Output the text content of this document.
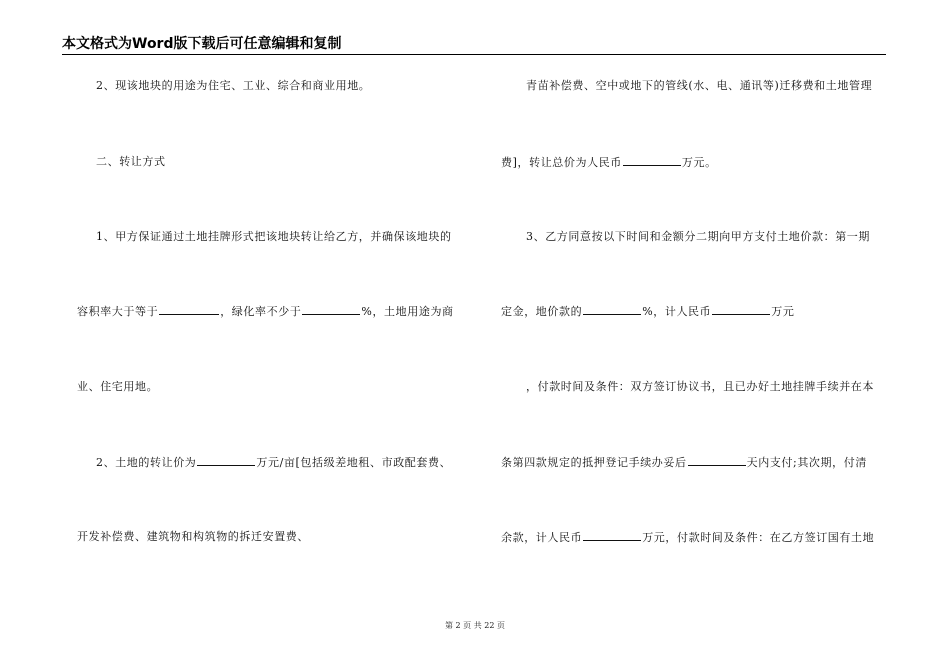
本文格式为Word版下载后可任意编辑和复制
2、现该地块的用途为住宅、工业、综合和商业用地。
二、转让方式
1、甲方保证通过土地挂牌形式把该地块转让给乙方，并确保该地块的
容积率大于等于	，绿化率不少于	%，土地用途为商
业、住宅用地。
2、土地的转让价为	万元/亩[包括级差地租、市政配套费、
开发补偿费、建筑物和构筑物的拆迁安置费、
青苗补偿费、空中或地下的管线(水、电、通讯等)迁移费和土地管理
费]，转让总价为人民币	万元。
3、乙方同意按以下时间和金额分二期向甲方支付土地价款：第一期
定金，地价款的	%，计人民币	万元
，付款时间及条件：双方签订协议书，且已办好土地挂牌手续并在本
条第四款规定的抵押登记手续办妥后	天内支付;其次期，付清
余款，计人民币	万元，付款时间及条件：在乙方签订国有土地
第 2 页 共 22 页
